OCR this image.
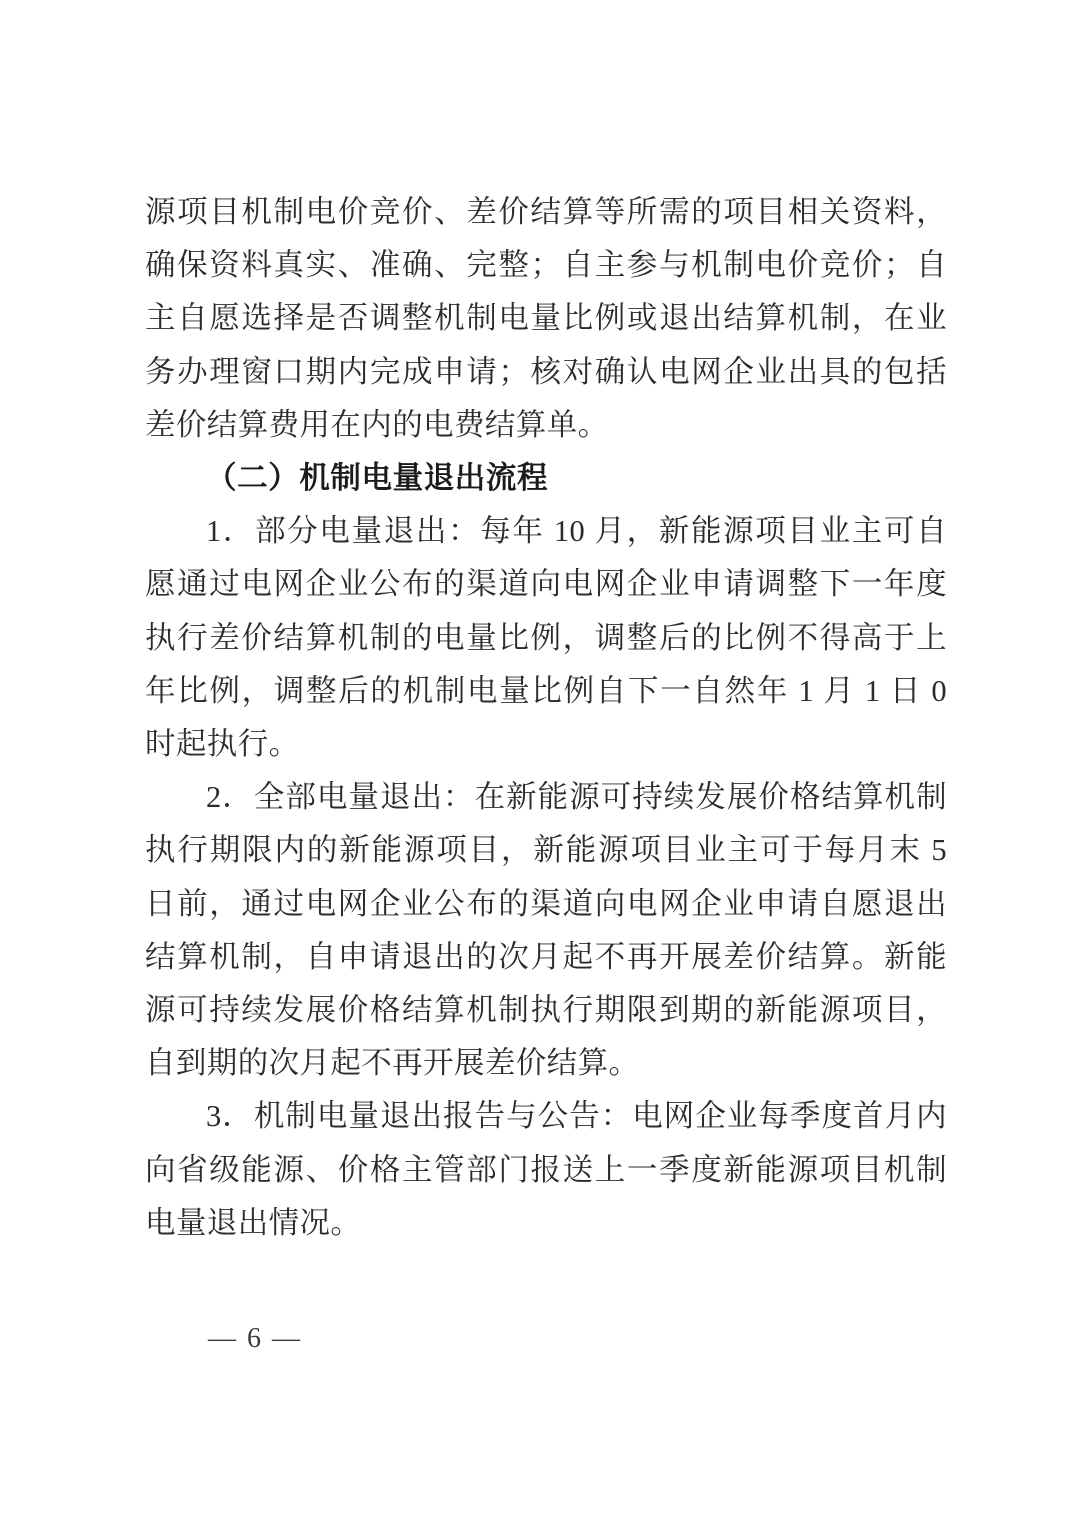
源项目机制电价竞价、差价结算等所需的项目相关资料，确保资料真实、准确、完整；自主参与机制电价竞价；自主自愿选择是否调整机制电量比例或退出结算机制，在业务办理窗口期内完成申请；核对确认电网企业出具的包括差价结算费用在内的电费结算单。

（二）机制电量退出流程

1．部分电量退出：每年 10 月，新能源项目业主可自愿通过电网企业公布的渠道向电网企业申请调整下一年度执行差价结算机制的电量比例，调整后的比例不得高于上年比例，调整后的机制电量比例自下一自然年 1 月 1 日 0 时起执行。

2．全部电量退出：在新能源可持续发展价格结算机制执行期限内的新能源项目，新能源项目业主可于每月末 5 日前，通过电网企业公布的渠道向电网企业申请自愿退出结算机制，自申请退出的次月起不再开展差价结算。新能源可持续发展价格结算机制执行期限到期的新能源项目，自到期的次月起不再开展差价结算。

3．机制电量退出报告与公告：电网企业每季度首月内向省级能源、价格主管部门报送上一季度新能源项目机制电量退出情况。

— 6 —
